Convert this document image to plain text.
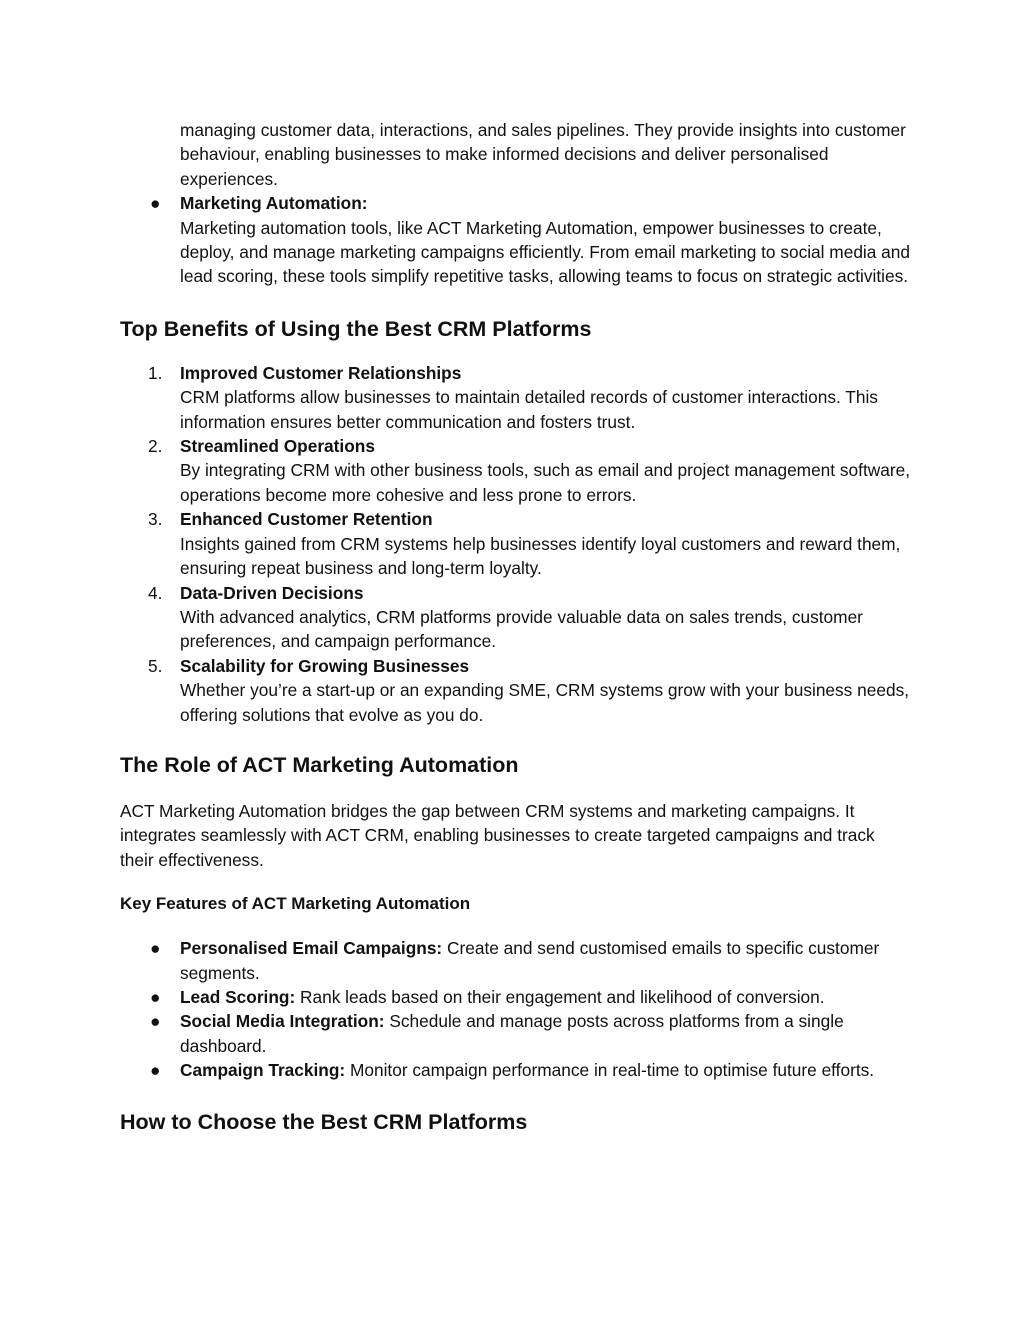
managing customer data, interactions, and sales pipelines. They provide insights into customer behaviour, enabling businesses to make informed decisions and deliver personalised experiences.
●	Marketing Automation:
Marketing automation tools, like ACT Marketing Automation, empower businesses to create, deploy, and manage marketing campaigns efficiently. From email marketing to social media and lead scoring, these tools simplify repetitive tasks, allowing teams to focus on strategic activities.
Top Benefits of Using the Best CRM Platforms
1.	Improved Customer Relationships
CRM platforms allow businesses to maintain detailed records of customer interactions. This information ensures better communication and fosters trust.
2.	Streamlined Operations
By integrating CRM with other business tools, such as email and project management software, operations become more cohesive and less prone to errors.
3.	Enhanced Customer Retention
Insights gained from CRM systems help businesses identify loyal customers and reward them, ensuring repeat business and long-term loyalty.
4.	Data-Driven Decisions
With advanced analytics, CRM platforms provide valuable data on sales trends, customer preferences, and campaign performance.
5.	Scalability for Growing Businesses
Whether you’re a start-up or an expanding SME, CRM systems grow with your business needs, offering solutions that evolve as you do.
The Role of ACT Marketing Automation

ACT Marketing Automation bridges the gap between CRM systems and marketing campaigns. It integrates seamlessly with ACT CRM, enabling businesses to create targeted campaigns and track their effectiveness.

Key Features of ACT Marketing Automation
●	Personalised Email Campaigns: Create and send customised emails to specific customer segments.
●	Lead Scoring: Rank leads based on their engagement and likelihood of conversion.
●	Social Media Integration: Schedule and manage posts across platforms from a single dashboard.
●	Campaign Tracking: Monitor campaign performance in real-time to optimise future efforts.
How to Choose the Best CRM Platforms
